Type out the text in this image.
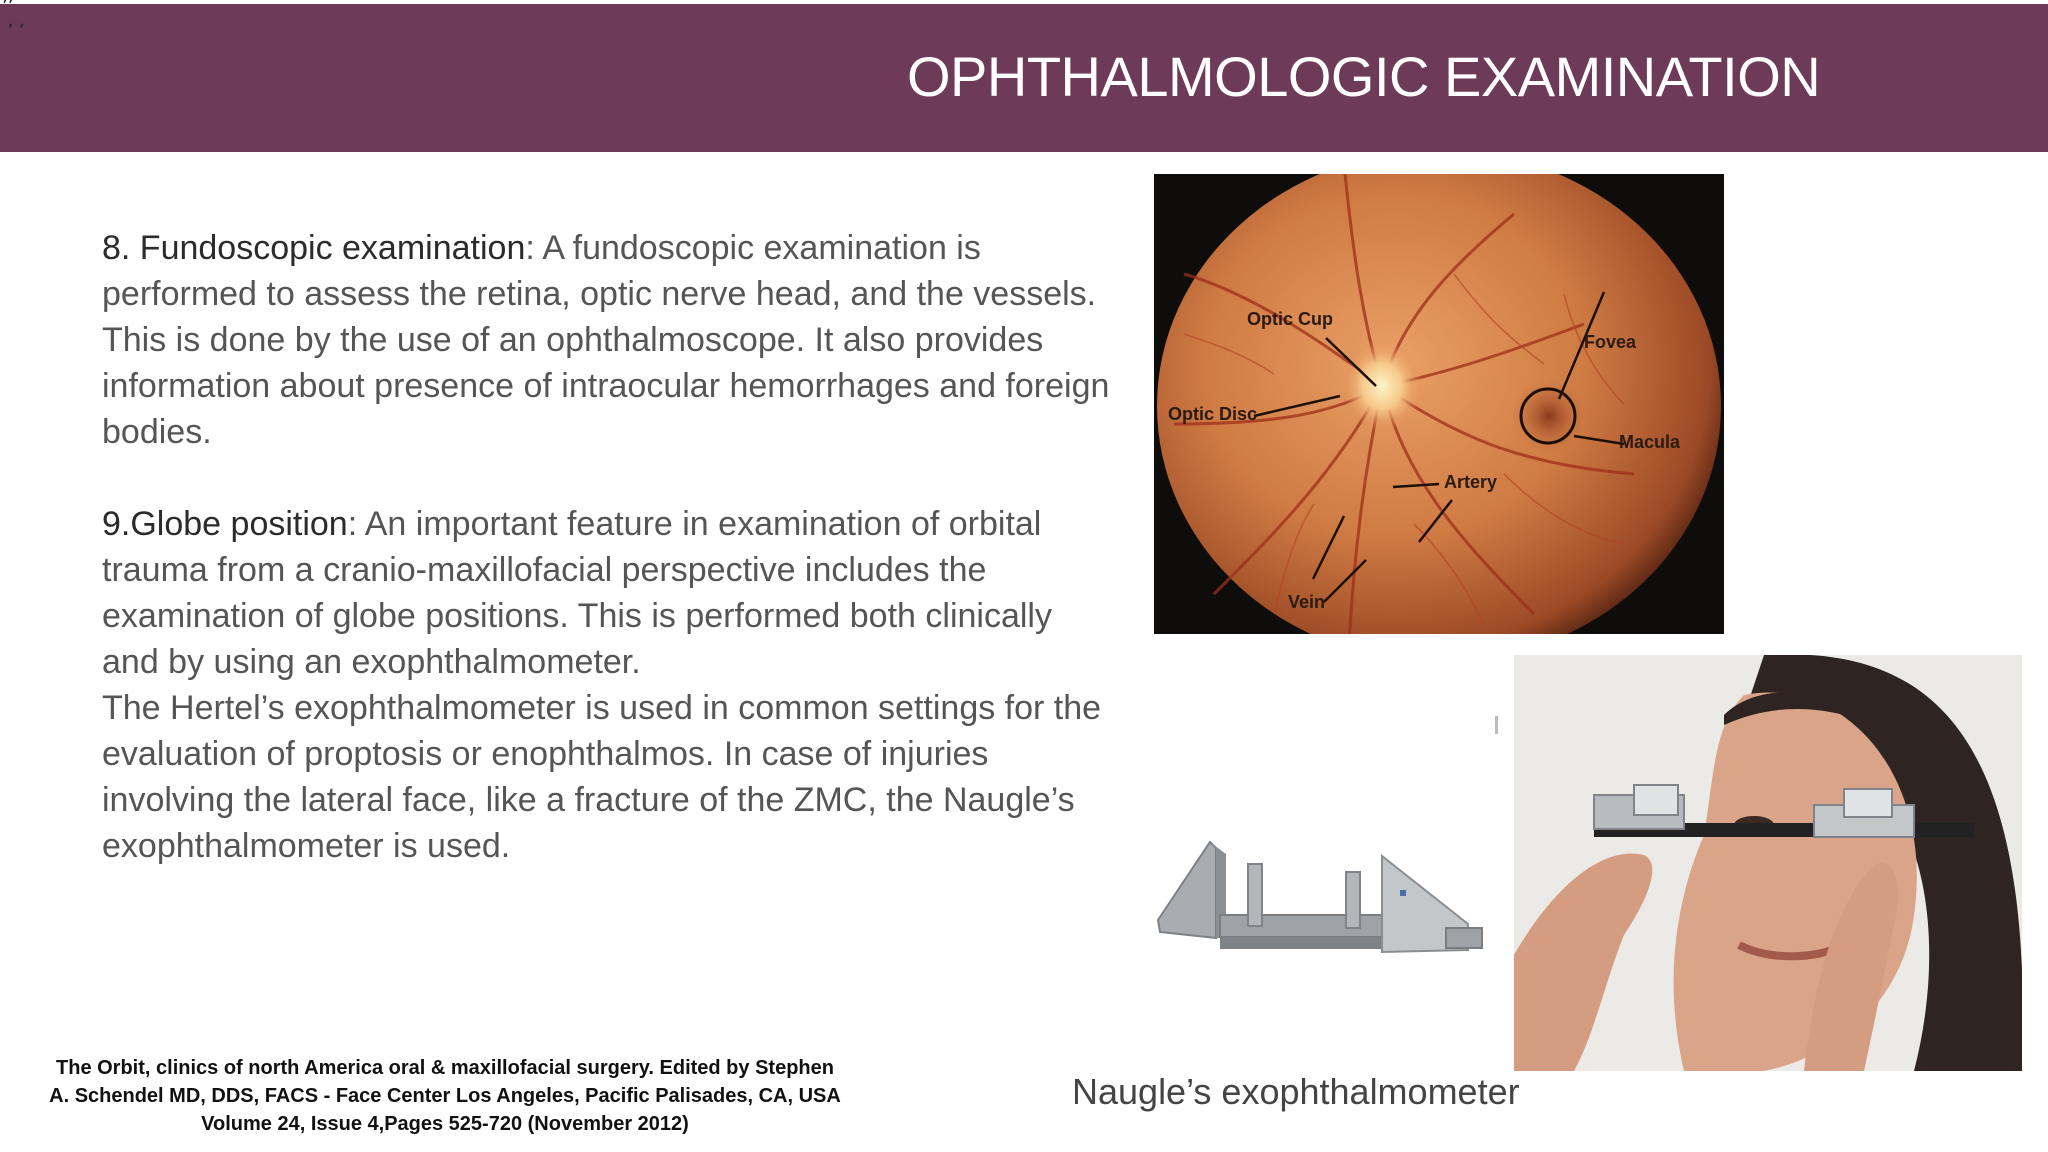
’’
, ,
OPHTHALMOLOGIC EXAMINATION

8. Fundoscopic examination: A fundoscopic examination is performed to assess the retina, optic nerve head, and the vessels. This is done by the use of an ophthalmoscope. It also provides information about presence of intraocular hemorrhages and foreign bodies.

9.Globe position: An important feature in examination of orbital trauma from a cranio-maxillofacial perspective includes the examination of globe positions. This is performed both clinically and by using an exophthalmometer.

The Hertel’s exophthalmometer is used in common settings for the evaluation of proptosis or enophthalmos. In case of injuries involving the lateral face, like a fracture of the ZMC, the Naugle’s exophthalmometer is used.

Optic Cup
Optic Disc
Fovea
Macula
Artery
Vein
Naugle’s exophthalmometer
The Orbit, clinics of north America oral & maxillofacial surgery. Edited by Stephen
A. Schendel MD, DDS, FACS - Face Center Los Angeles, Pacific Palisades, CA, USA
Volume 24, Issue 4,Pages 525-720 (November 2012)
